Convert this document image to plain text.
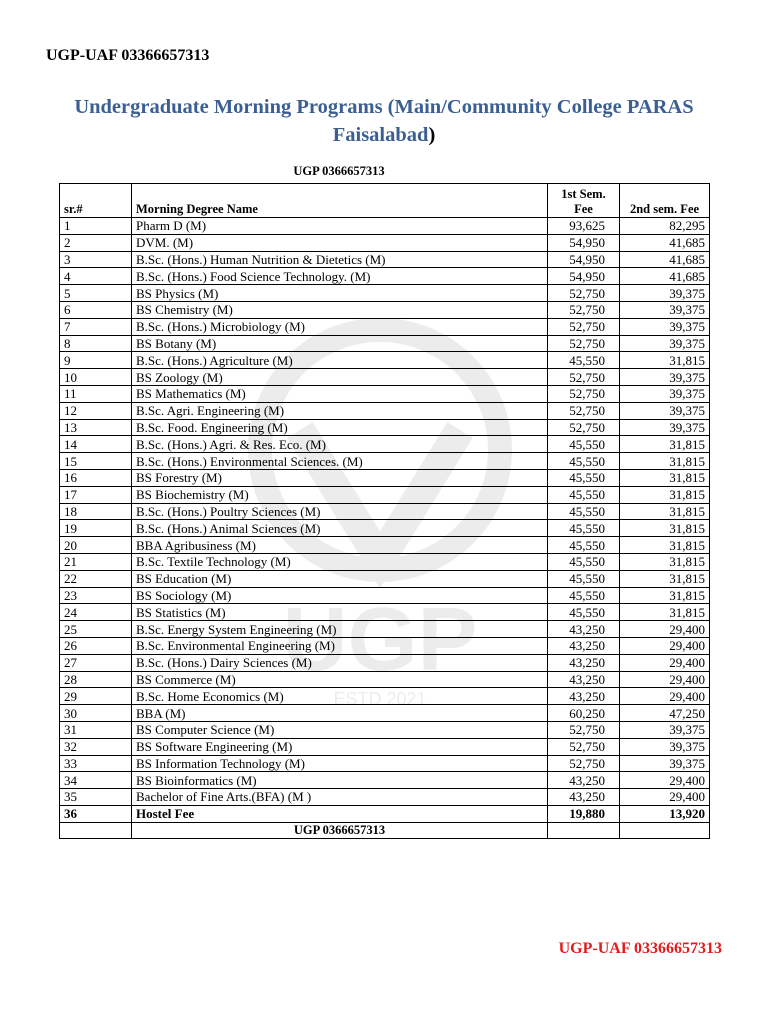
UGP
ESTD 2021
UGP-UAF 03366657313
Undergraduate Morning Programs (Main/Community College PARAS
Faisalabad)
UGP 0366657313
sr.#	Morning Degree Name	1st Sem. Fee	2nd sem. Fee
1	Pharm D (M)	93,625	82,295
2	DVM. (M)	54,950	41,685
3	B.Sc. (Hons.) Human Nutrition & Dietetics (M)	54,950	41,685
4	B.Sc. (Hons.) Food Science Technology. (M)	54,950	41,685
5	BS Physics (M)	52,750	39,375
6	BS Chemistry (M)	52,750	39,375
7	B.Sc. (Hons.) Microbiology (M)	52,750	39,375
8	BS Botany (M)	52,750	39,375
9	B.Sc. (Hons.) Agriculture (M)	45,550	31,815
10	BS Zoology (M)	52,750	39,375
11	BS Mathematics (M)	52,750	39,375
12	B.Sc. Agri. Engineering (M)	52,750	39,375
13	B.Sc. Food. Engineering (M)	52,750	39,375
14	B.Sc. (Hons.) Agri. & Res. Eco. (M)	45,550	31,815
15	B.Sc. (Hons.) Environmental Sciences. (M)	45,550	31,815
16	BS Forestry (M)	45,550	31,815
17	BS Biochemistry (M)	45,550	31,815
18	B.Sc. (Hons.) Poultry Sciences (M)	45,550	31,815
19	B.Sc. (Hons.) Animal Sciences (M)	45,550	31,815
20	BBA Agribusiness (M)	45,550	31,815
21	B.Sc. Textile Technology (M)	45,550	31,815
22	BS Education (M)	45,550	31,815
23	BS Sociology (M)	45,550	31,815
24	BS Statistics (M)	45,550	31,815
25	B.Sc. Energy System Engineering (M)	43,250	29,400
26	B.Sc. Environmental Engineering (M)	43,250	29,400
27	B.Sc. (Hons.) Dairy Sciences (M)	43,250	29,400
28	BS Commerce (M)	43,250	29,400
29	B.Sc. Home Economics (M)	43,250	29,400
30	BBA (M)	60,250	47,250
31	BS Computer Science (M)	52,750	39,375
32	BS Software Engineering (M)	52,750	39,375
33	BS Information Technology (M)	52,750	39,375
34	BS Bioinformatics (M)	43,250	29,400
35	Bachelor of Fine Arts.(BFA) (M )	43,250	29,400
36	Hostel Fee	19,880	13,920
	UGP 0366657313		
UGP-UAF 03366657313
